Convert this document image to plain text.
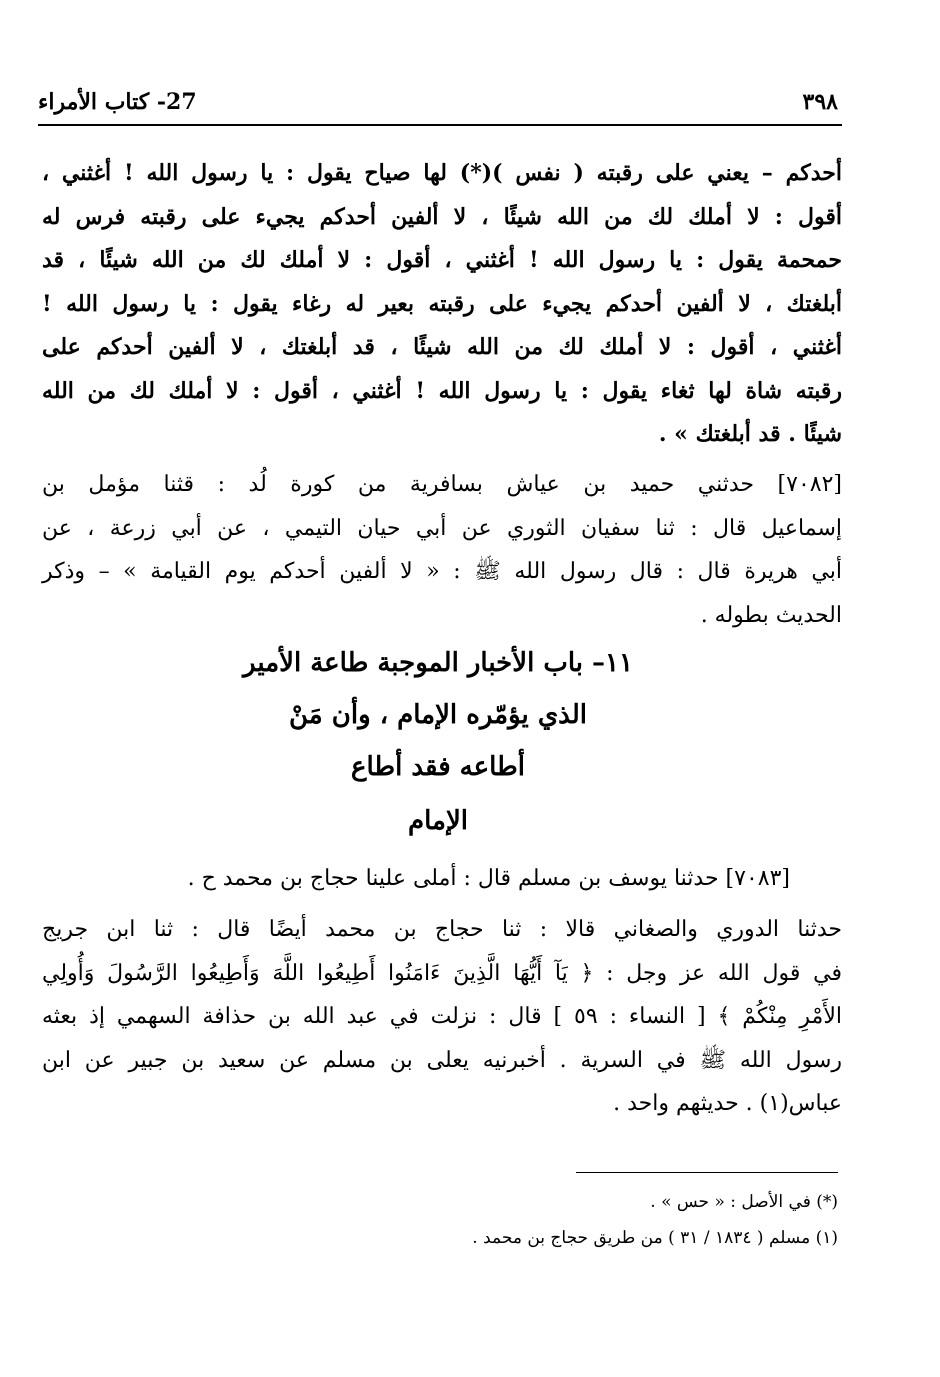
٣٩٨
27- كتاب الأمراء
أحدكم – يعني على رقبته ( نفس )(*) لها صياح يقول : يا رسول الله ! أغثني ،
أقول : لا أملك لك من الله شيئًا ، لا ألفين أحدكم يجيء على رقبته فرس له
حمحمة يقول : يا رسول الله ! أغثني ، أقول : لا أملك لك من الله شيئًا ، قد
أبلغتك ، لا ألفين أحدكم يجيء على رقبته بعير له رغاء يقول : يا رسول الله !
أغثني ، أقول : لا أملك لك من الله شيئًا ، قد أبلغتك ، لا ألفين أحدكم على
رقبته شاة لها ثغاء يقول : يا رسول الله ! أغثني ، أقول : لا أملك لك من الله
شيئًا . قد أبلغتك » .
[٧٠٨٢] حدثني حميد بن عياش بسافرية من كورة لُد : قثنا مؤمل بن
إسماعيل قال : ثنا سفيان الثوري عن أبي حيان التيمي ، عن أبي زرعة ، عن
أبي هريرة قال : قال رسول الله ﷺ : « لا ألفين أحدكم يوم القيامة » – وذكر
الحديث بطوله .
١١– باب الأخبار الموجبة طاعة الأمير
الذي يؤمّره الإمام ، وأن مَنْ
أطاعه فقد أطاع
الإمام
[٧٠٨٣] حدثنا يوسف بن مسلم قال : أملى علينا حجاج بن محمد ح .
حدثنا الدوري والصغاني قالا : ثنا حجاج بن محمد أيضًا قال : ثنا ابن جريج
في قول الله عز وجل : ﴿ يَآ أَيُّهَا الَّذِينَ ءَامَنُوا أَطِيعُوا اللَّهَ وَأَطِيعُوا الرَّسُولَ وَأُولِي
الأَمْرِ مِنْكُمْ ﴾ [ النساء : ٥٩ ] قال : نزلت في عبد الله بن حذافة السهمي إذ بعثه
رسول الله ﷺ في السرية . أخبرنيه يعلى بن مسلم عن سعيد بن جبير عن ابن
عباس(١) . حديثهم واحد .
(*) في الأصل : « حس » .
(١) مسلم ( ١٨٣٤ / ٣١ ) من طريق حجاج بن محمد .
